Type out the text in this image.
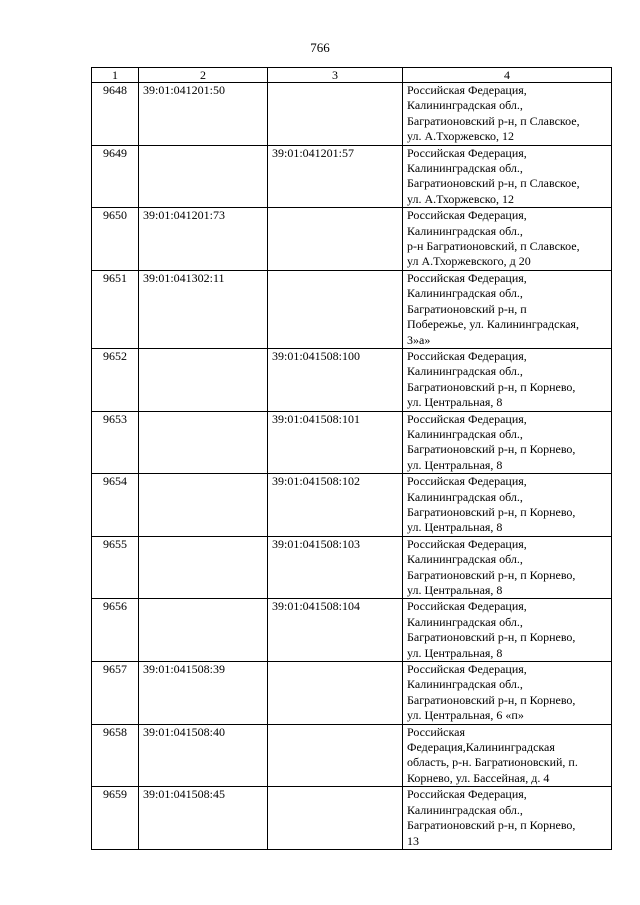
766
1	2	3	4
9648	39:01:041201:50		Российская Федерация,
Калининградская обл.,
Багратионовский р-н, п Славское,
ул. А.Тхоржевско, 12
9649		39:01:041201:57	Российская Федерация,
Калининградская обл.,
Багратионовский р-н, п Славское,
ул. А.Тхоржевско, 12
9650	39:01:041201:73		Российская Федерация,
Калининградская обл.,
р-н Багратионовский, п Славское,
ул А.Тхоржевского, д 20
9651	39:01:041302:11		Российская Федерация,
Калининградская обл.,
Багратионовский р-н, п
Побережье, ул. Калининградская,
3»а»
9652		39:01:041508:100	Российская Федерация,
Калининградская обл.,
Багратионовский р-н, п Корнево,
ул. Центральная, 8
9653		39:01:041508:101	Российская Федерация,
Калининградская обл.,
Багратионовский р-н, п Корнево,
ул. Центральная, 8
9654		39:01:041508:102	Российская Федерация,
Калининградская обл.,
Багратионовский р-н, п Корнево,
ул. Центральная, 8
9655		39:01:041508:103	Российская Федерация,
Калининградская обл.,
Багратионовский р-н, п Корнево,
ул. Центральная, 8
9656		39:01:041508:104	Российская Федерация,
Калининградская обл.,
Багратионовский р-н, п Корнево,
ул. Центральная, 8
9657	39:01:041508:39		Российская Федерация,
Калининградская обл.,
Багратионовский р-н, п Корнево,
ул. Центральная, 6 «п»
9658	39:01:041508:40		Российская
Федерация,Калининградская
область, р-н. Багратионовский, п.
Корнево, ул. Бассейная, д. 4
9659	39:01:041508:45		Российская Федерация,
Калининградская обл.,
Багратионовский р-н, п Корнево,
13
